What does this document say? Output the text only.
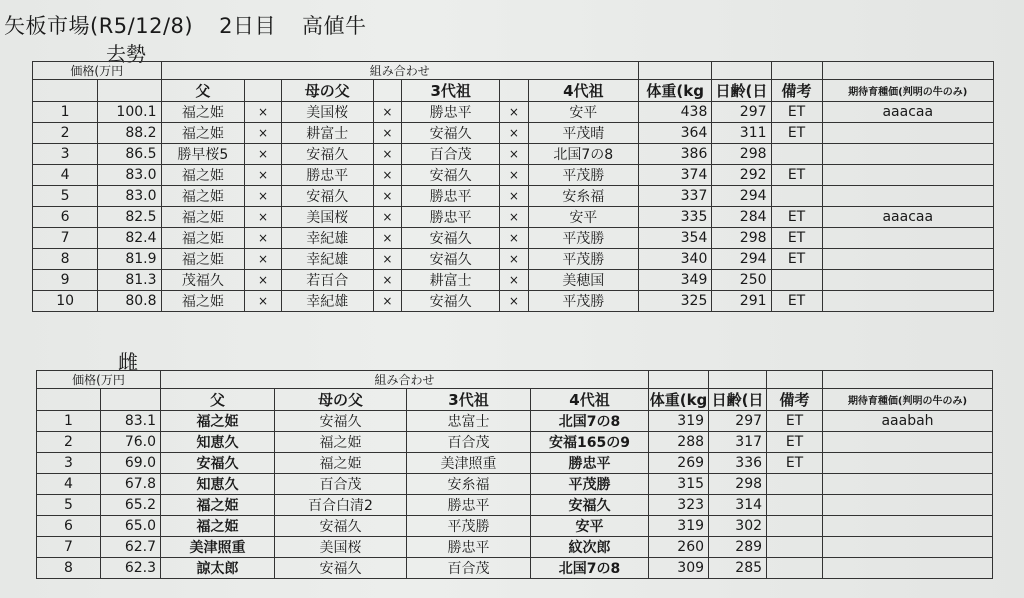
矢板市場(R5/12/8) 2日目 高値牛
去勢
価格(万円		組み合わせ										
		父		母の父		3代祖		4代祖	体重(kg	日齢(日	備考	期待育種価(判明の牛のみ)
1	100.1	福之姫	×	美国桜	×	勝忠平	×	安平	438	297	ET	aaacaa
2	88.2	福之姫	×	耕富士	×	安福久	×	平茂晴	364	311	ET	
3	86.5	勝早桜5	×	安福久	×	百合茂	×	北国7の8	386	298		
4	83.0	福之姫	×	勝忠平	×	安福久	×	平茂勝	374	292	ET	
5	83.0	福之姫	×	安福久	×	勝忠平	×	安糸福	337	294		
6	82.5	福之姫	×	美国桜	×	勝忠平	×	安平	335	284	ET	aaacaa
7	82.4	福之姫	×	幸紀雄	×	安福久	×	平茂勝	354	298	ET	
8	81.9	福之姫	×	幸紀雄	×	安福久	×	平茂勝	340	294	ET	
9	81.3	茂福久	×	若百合	×	耕富士	×	美穂国	349	250		
10	80.8	福之姫	×	幸紀雄	×	安福久	×	平茂勝	325	291	ET	
雌
価格(万円		組み合わせ							
		父	母の父	3代祖	4代祖	体重(kg	日齢(日	備考	期待育種価(判明の牛のみ)
1	83.1	福之姫	安福久	忠富士	北国7の8	319	297	ET	aaabah
2	76.0	知恵久	福之姫	百合茂	安福165の9	288	317	ET	
3	69.0	安福久	福之姫	美津照重	勝忠平	269	336	ET	
4	67.8	知恵久	百合茂	安糸福	平茂勝	315	298		
5	65.2	福之姫	百合白清2	勝忠平	安福久	323	314		
6	65.0	福之姫	安福久	平茂勝	安平	319	302		
7	62.7	美津照重	美国桜	勝忠平	紋次郎	260	289		
8	62.3	諒太郎	安福久	百合茂	北国7の8	309	285		
